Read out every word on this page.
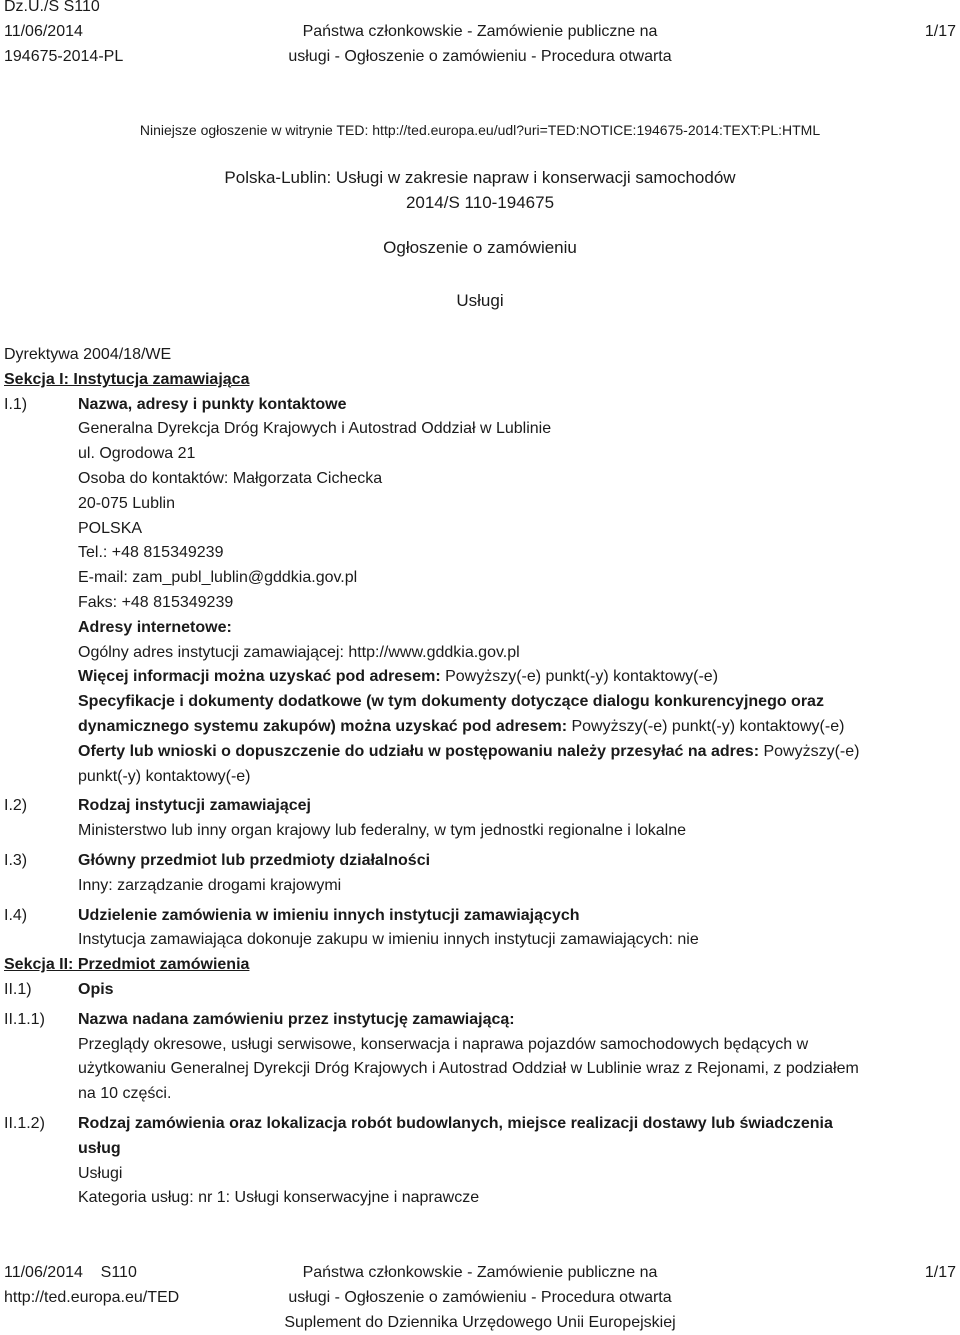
Dz.U./S S110
11/06/2014
194675-2014-PL
Państwa członkowskie - Zamówienie publiczne na
usługi - Ogłoszenie o zamówieniu - Procedura otwarta
1/17
Niniejsze ogłoszenie w witrynie TED: http://ted.europa.eu/udl?uri=TED:NOTICE:194675-2014:TEXT:PL:HTML
Polska-Lublin: Usługi w zakresie napraw i konserwacji samochodów
2014/S 110-194675
Ogłoszenie o zamówieniu
Usługi
Dyrektywa 2004/18/WE
Sekcja I: Instytucja zamawiająca
I.1)	Nazwa, adresy i punkty kontaktowe
Generalna Dyrekcja Dróg Krajowych i Autostrad Oddział w Lublinie
ul. Ogrodowa 21
Osoba do kontaktów: Małgorzata Cichecka
20-075 Lublin
POLSKA
Tel.: +48 815349239
E-mail: zam_publ_lublin@gddkia.gov.pl
Faks: +48 815349239
Adresy internetowe:
Ogólny adres instytucji zamawiającej: http://www.gddkia.gov.pl
Więcej informacji można uzyskać pod adresem: Powyższy(-e) punkt(-y) kontaktowy(-e)
Specyfikacje i dokumenty dodatkowe (w tym dokumenty dotyczące dialogu konkurencyjnego oraz
dynamicznego systemu zakupów) można uzyskać pod adresem: Powyższy(-e) punkt(-y) kontaktowy(-e)
Oferty lub wnioski o dopuszczenie do udziału w postępowaniu należy przesyłać na adres: Powyższy(-e)
punkt(-y) kontaktowy(-e)
I.2)	Rodzaj instytucji zamawiającej
Ministerstwo lub inny organ krajowy lub federalny, w tym jednostki regionalne i lokalne
I.3)	Główny przedmiot lub przedmioty działalności
Inny: zarządzanie drogami krajowymi
I.4)	Udzielenie zamówienia w imieniu innych instytucji zamawiających
Instytucja zamawiająca dokonuje zakupu w imieniu innych instytucji zamawiających: nie
Sekcja II: Przedmiot zamówienia
II.1)	Opis
II.1.1)	Nazwa nadana zamówieniu przez instytucję zamawiającą:
Przeglądy okresowe, usługi serwisowe, konserwacja i naprawa pojazdów samochodowych będących w
użytkowaniu Generalnej Dyrekcji Dróg Krajowych i Autostrad Oddział w Lublinie wraz z Rejonami, z podziałem
na 10 części.
II.1.2)	Rodzaj zamówienia oraz lokalizacja robót budowlanych, miejsce realizacji dostawy lub świadczenia
usług
Usługi
Kategoria usług: nr 1: Usługi konserwacyjne i naprawcze
11/06/2014    S110
http://ted.europa.eu/TED
Państwa członkowskie - Zamówienie publiczne na
usługi - Ogłoszenie o zamówieniu - Procedura otwarta
Suplement do Dziennika Urzędowego Unii Europejskiej
1/17
